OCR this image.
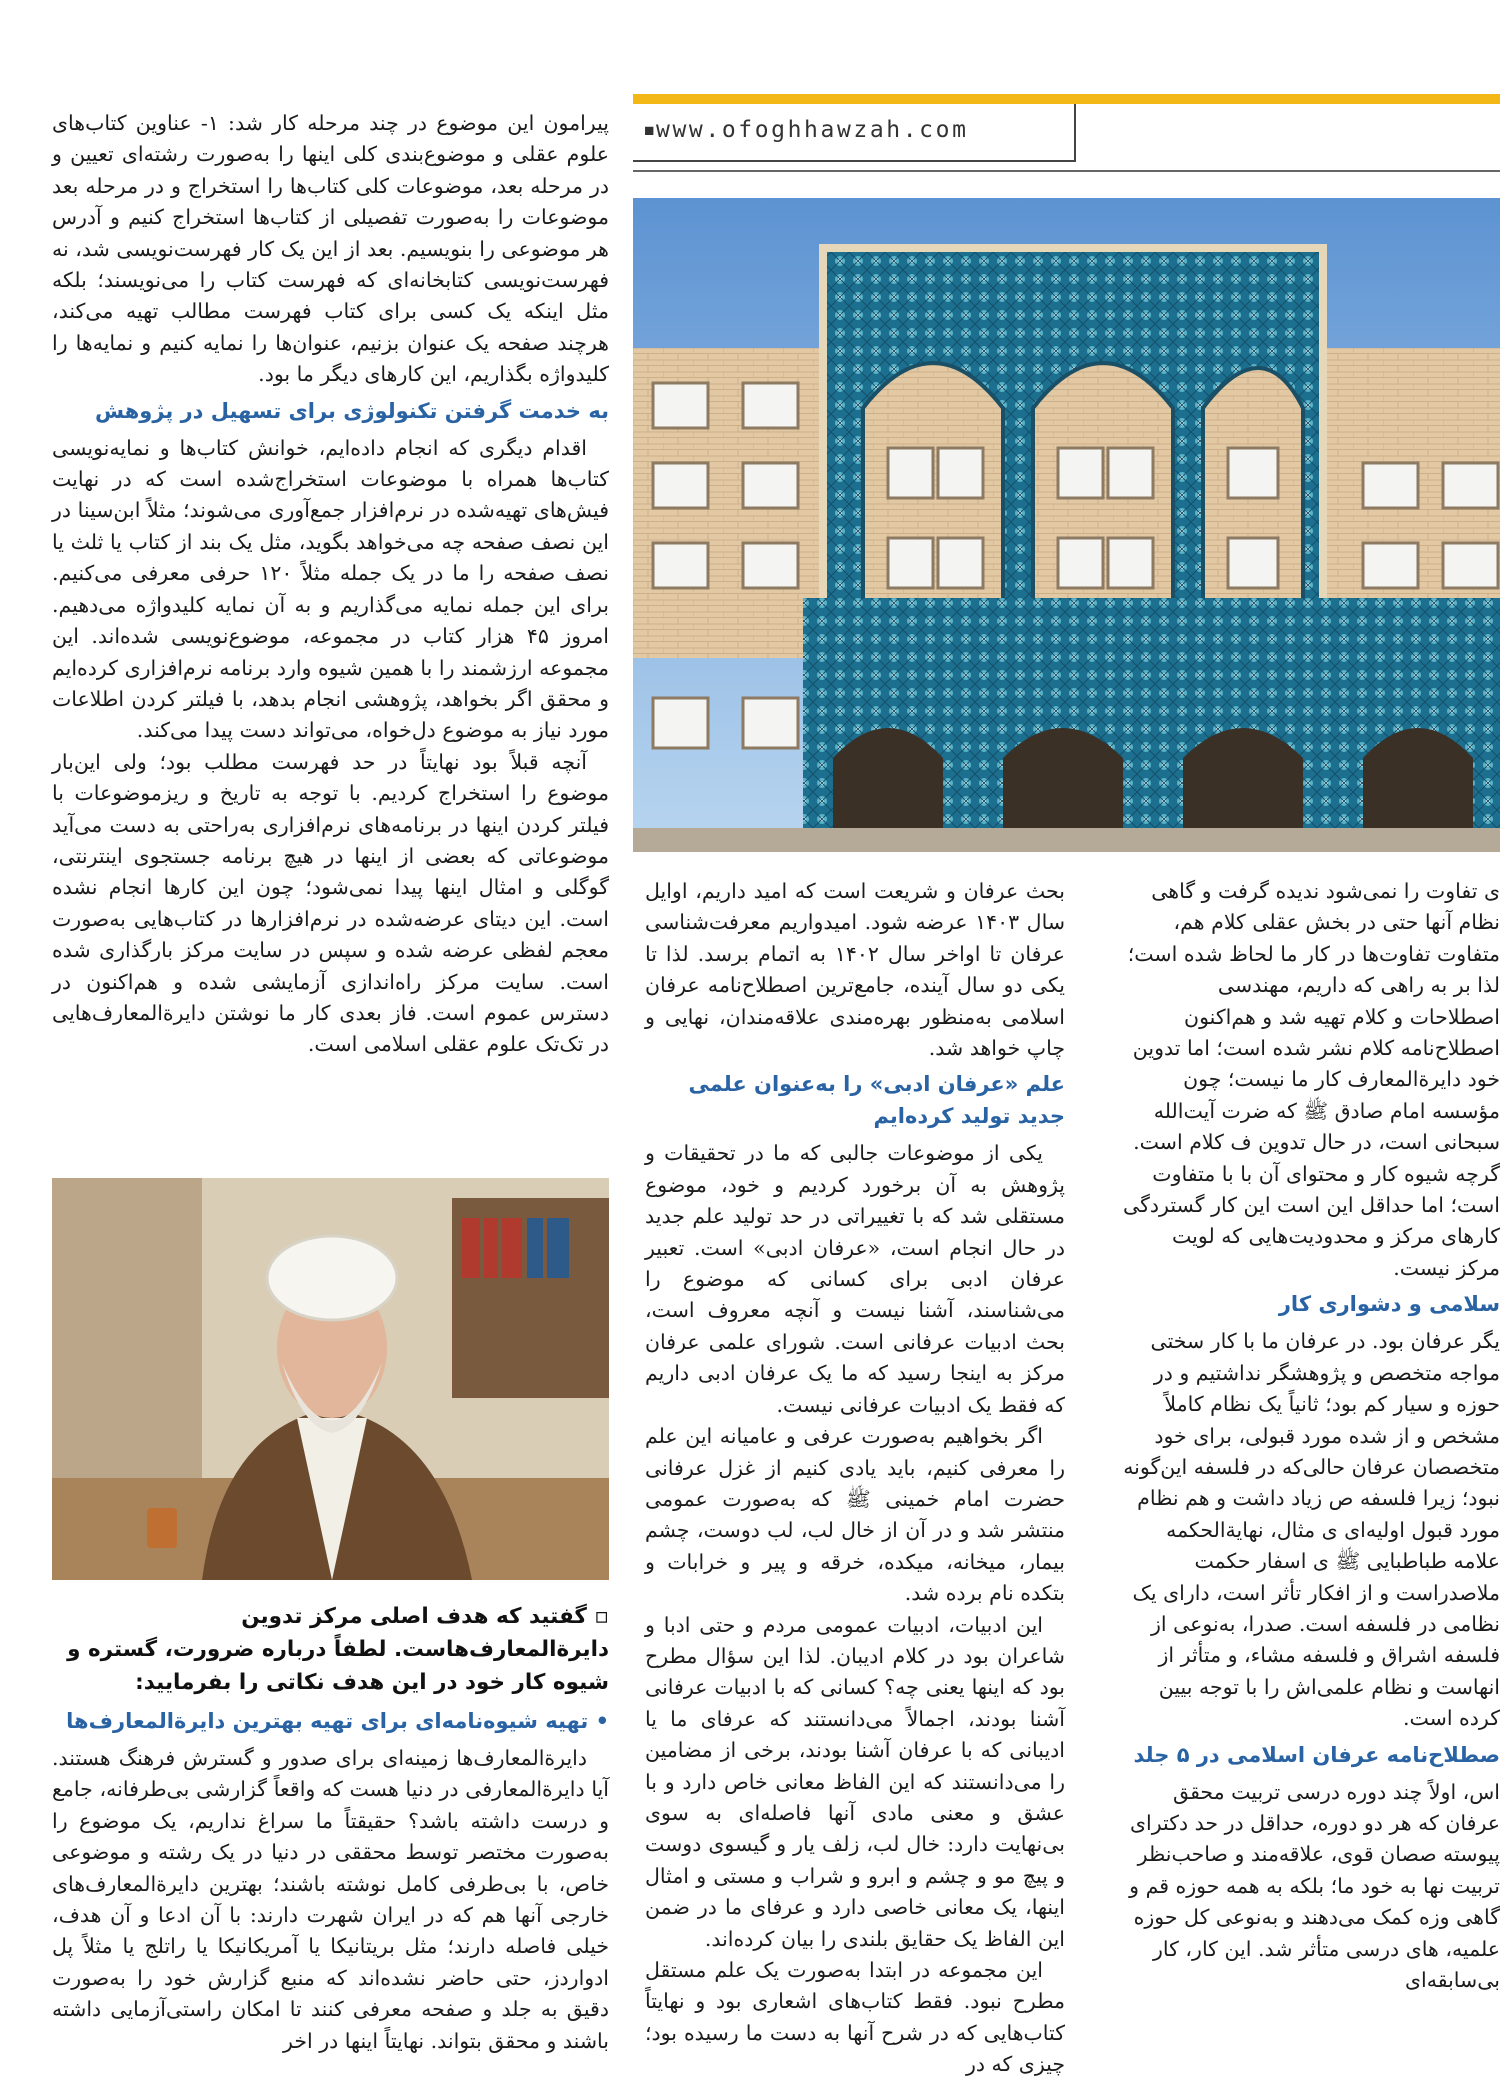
■www.ofoghhawzah.com

پیرامون این موضوع در چند مرحله کار شد: ۱- عناوین کتاب‌های علوم عقلی و موضوع‌بندی کلی اینها را به‌صورت رشته‌ای تعیین و در مرحله بعد، موضوعات کلی کتاب‌ها را استخراج و در مرحله بعد موضوعات را به‌صورت تفصیلی از کتاب‌ها استخراج کنیم و آدرس هر موضوعی را بنویسیم. بعد از این یک کار فهرست‌نویسی شد، نه فهرست‌نویسی کتابخانه‌ای که فهرست کتاب را می‌نویسند؛ بلکه مثل اینکه یک کسی برای کتاب فهرست مطالب تهیه می‌کند، هرچند صفحه یک عنوان بزنیم، عنوان‌ها را نمایه کنیم و نمایه‌ها را کلیدواژه بگذاریم، این کارهای دیگر ما بود.

به خدمت گرفتن تکنولوژی برای تسهیل در پژوهش

اقدام دیگری که انجام داده‌ایم، خوانش کتاب‌ها و نمایه‌نویسی کتاب‌ها همراه با موضوعات استخراج‌شده است که در نهایت فیش‌های تهیه‌شده در نرم‌افزار جمع‌آوری می‌شوند؛ مثلاً ابن‌سینا در این نصف صفحه چه می‌خواهد بگوید، مثل یک بند از کتاب یا ثلث یا نصف صفحه را ما در یک جمله مثلاً ۱۲۰ حرفی معرفی می‌کنیم. برای این جمله نمایه می‌گذاریم و به آن نمایه کلیدواژه می‌دهیم. امروز ۴۵ هزار کتاب در مجموعه، موضوع‌نویسی شده‌اند. این مجموعه ارزشمند را با همین شیوه وارد برنامه نرم‌افزاری کرده‌ایم و محقق اگر بخواهد، پژوهشی انجام بدهد، با فیلتر کردن اطلاعات مورد نیاز به موضوع دل‌خواه، می‌تواند دست پیدا می‌کند.

آنچه قبلاً بود نهایتاً در حد فهرست مطلب بود؛ ولی این‌بار موضوع را استخراج کردیم. با توجه به تاریخ و ریزموضوعات با فیلتر کردن اینها در برنامه‌های نرم‌افزاری به‌راحتی به دست می‌آید موضوعاتی که بعضی از اینها در هیچ برنامه جستجوی اینترنتی، گوگلی و امثال اینها پیدا نمی‌شود؛ چون این کارها انجام نشده است. این دیتای عرضه‌شده در نرم‌افزارها در کتاب‌هایی به‌صورت معجم لفظی عرضه شده و سپس در سایت مرکز بارگذاری شده است. سایت مرکز راه‌اندازی آزمایشی شده و هم‌اکنون در دسترس عموم است. فاز بعدی کار ما نوشتن دایرةالمعارف‌هایی در تک‌تک علوم عقلی اسلامی است.

▫ گفتید که هدف اصلی مرکز تدوین دایرةالمعارف‌هاست. لطفاً درباره ضرورت، گستره و شیوه کار خود در این هدف نکاتی را بفرمایید:
• تهیه شیوه‌نامه‌ای برای تهیه بهترین دایرةالمعارف‌ها

دایرةالمعارف‌ها زمینه‌ای برای صدور و گسترش فرهنگ هستند. آیا دایرةالمعارفی در دنیا هست که واقعاً گزارشی بی‌طرفانه، جامع و درست داشته باشد؟ حقیقتاً ما سراغ نداریم، یک موضوع را به‌صورت مختصر توسط محققی در دنیا در یک رشته و موضوعی خاص، با بی‌طرفی کامل نوشته باشند؛ بهترین دایرةالمعارف‌های خارجی آنها هم که در ایران شهرت دارند: با آن ادعا و آن هدف، خیلی فاصله دارند؛ مثل بریتانیکا یا آمریکانیکا یا راتلج یا مثلاً پل ادواردز، حتی حاضر نشده‌اند که منبع گزارش خود را به‌صورت دقیق به جلد و صفحه معرفی کنند تا امکان راستی‌آزمایی داشته باشند و محقق بتواند. نهایتاً اینها در اخر

بحث عرفان و شریعت است که امید داریم، اوایل سال ۱۴۰۳ عرضه شود. امیدواریم معرفت‌شناسی عرفان تا اواخر سال ۱۴۰۲ به اتمام برسد. لذا تا یکی دو سال آینده، جامع‌ترین اصطلاح‌نامه عرفان اسلامی به‌منظور بهره‌مندی علاقه‌مندان، نهایی و چاپ خواهد شد.

علم «عرفان ادبی» را به‌عنوان علمی جدید تولید کرده‌ایم

یکی از موضوعات جالبی که ما در تحقیقات و پژوهش به آن برخورد کردیم و خود، موضوع مستقلی شد که با تغییراتی در حد تولید علم جدید در حال انجام است، «عرفان ادبی» است. تعبیر عرفان ادبی برای کسانی که موضوع را می‌شناسند، آشنا نیست و آنچه معروف است، بحث ادبیات عرفانی است. شورای علمی عرفان مرکز به اینجا رسید که ما یک عرفان ادبی داریم که فقط یک ادبیات عرفانی نیست.

اگر بخواهیم به‌صورت عرفی و عامیانه این علم را معرفی کنیم، باید یادی کنیم از غزل عرفانی حضرت امام خمینی ﷺ که به‌صورت عمومی منتشر شد و در آن از خال لب، لب دوست، چشم بیمار، میخانه، میکده، خرقه و پیر و خرابات و بتکده نام برده شد.

این ادبیات، ادبیات عمومی مردم و حتی ادبا و شاعران بود در کلام ادیبان. لذا این سؤال مطرح بود که اینها یعنی چه؟ کسانی که با ادبیات عرفانی آشنا بودند، اجمالاً می‌دانستند که عرفای ما یا ادیبانی که با عرفان آشنا بودند، برخی از مضامین را می‌دانستند که این الفاظ معانی خاص دارد و با عشق و معنی مادی آنها فاصله‌ای به سوی بی‌نهایت دارد: خال لب، زلف یار و گیسوی دوست و پیچ مو و چشم و ابرو و شراب و مستی و امثال اینها، یک معانی خاصی دارد و عرفای ما در ضمن این الفاظ یک حقایق بلندی را بیان کرده‌اند.

این مجموعه در ابتدا به‌صورت یک علم مستقل مطرح نبود. فقط کتاب‌های اشعاری بود و نهایتاً کتاب‌هایی که در شرح آنها به دست ما رسیده بود؛ چیزی که در

ی تفاوت را نمی‌شود ندیده گرفت و گاهی نظام آنها حتی در بخش عقلی کلام هم، متفاوت تفاوت‌ها در کار ما لحاظ شده است؛ لذا بر به راهی که داریم، مهندسی اصطلاحات و کلام تهیه شد و هم‌اکنون اصطلاح‌نامه کلام نشر شده است؛ اما تدوین خود دایرةالمعارف کار ما نیست؛ چون مؤسسه امام صادق ﷺ که ضرت آیت‌الله سبحانی است، در حال تدوین ف کلام است. گرچه شیوه کار و محتوای آن با با متفاوت است؛ اما حداقل این است این کار گستردگی کارهای مرکز و محدودیت‌هایی که لویت مرکز نیست.

سلامی و دشواری کار

یگر عرفان بود. در عرفان ما با کار سختی مواجه متخصص و پژوهشگر نداشتیم و در حوزه و سیار کم بود؛ ثانیاً یک نظام کاملاً مشخص و از شده مورد قبولی، برای خود متخصصان عرفان حالی‌که در فلسفه این‌گونه نبود؛ زیرا فلسفه ص زیاد داشت و هم نظام مورد قبول اولیه‌ای ی مثال، نهایة‌الحکمه علامه طباطبایی ﷺ ی اسفار حکمت ملاصدراست و از افکار تأثر است، دارای یک نظامی در فلسفه است. صدرا، به‌نوعی از فلسفه اشراق و فلسفه مشاء، و متأثر از انهاست و نظام علمی‌اش را با توجه بیین کرده است.

صطلاح‌نامه عرفان اسلامی در ۵ جلد

اس، اولاً چند دوره درسی تربیت محقق عرفان که هر دو دوره، حداقل در حد دکترای پیوسته صصان قوی، علاقه‌مند و صاحب‌نظر تربیت نها به خود ما؛ بلکه به همه حوزه قم و گاهی وزه کمک می‌دهند و به‌نوعی کل حوزه علمیه، های درسی متأثر شد. این کار، کار بی‌سابقه‌ای
